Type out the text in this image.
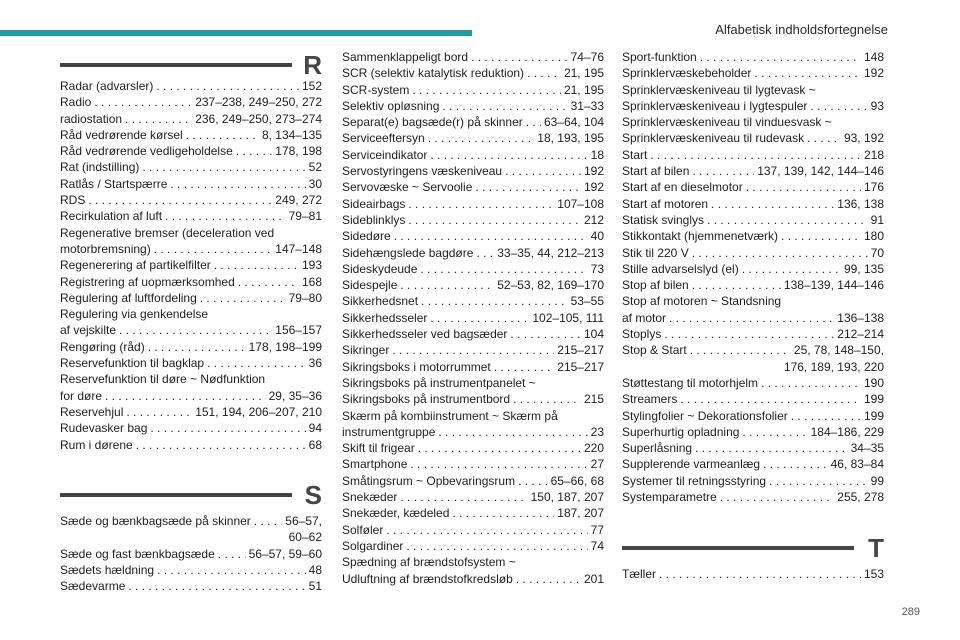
Alfabetisk indholdsfortegnelse
R
Radar (advarsler) . . .	152
Radio . . .	237–238, 249–250, 272
radiostation . . .	236, 249–250, 273–274
Råd vedrørende kørsel . . .	8, 134–135
Råd vedrørende vedligeholdelse . . .	178, 198
Rat (indstilling) . . .	52
Ratlås / Startspærre . . .	30
RDS . . .	249, 272
Recirkulation af luft . . .	79–81
Regenerative bremser (deceleration ved
motorbremsning) . . .	147–148
Regenerering af partikelfilter . . .	193
Registrering af uopmærksomhed . . .	168
Regulering af luftfordeling . . .	79–80
Regulering via genkendelse
af vejskilte . . .	156–157
Rengøring (råd) . . .	178, 198–199
Reservefunktion til bagklap . . .	36
Reservefunktion til døre ~ Nødfunktion
for døre . . .	29, 35–36
Reservehjul . . .	151, 194, 206–207, 210
Rudevasker bag . . .	94
Rum i dørene . . .	68
S
Sæde og bænkbagsæde på skinner . . .	56–57,
60–62
Sæde og fast bænkbagsæde . . .	56–57, 59–60
Sædets hældning . . .	48
Sædevarme . . .	51
Sammenklappeligt bord . . .	74–76
SCR (selektiv katalytisk reduktion) . . .	21, 195
SCR-system . . .	21, 195
Selektiv opløsning . . .	31–33
Separat(e) bagsæde(r) på skinner . . . 63–64, 104
Serviceeftersyn . . .	18, 193, 195
Serviceindikator . . .	18
Servostyringens væskeniveau . . .	192
Servovæske ~ Servoolie . . .	192
Sideairbags . . .	107–108
Sideblinklys . . .	212
Sidedøre . . .	40
Sidehængslede bagdøre . . . 33–35, 44, 212–213
Sideskydeude . . .	73
Sidespejle . . .	52–53, 82, 169–170
Sikkerhedsnet . . .	53–55
Sikkerhedsseler . . .	102–105, 111
Sikkerhedsseler ved bagsæder . . .	104
Sikringer . . .	215–217
Sikringsboks i motorrummet . . .	215–217
Sikringsboks på instrumentpanelet ~
Sikringsboks på instrumentbord . . .	215
Skærm på kombiinstrument ~ Skærm på
instrumentgruppe . . .	23
Skift til frigear . . .	220
Smartphone . . .	27
Småtingsrum ~ Opbevaringsrum . . .	65–66, 68
Snekæder . . .	150, 187, 207
Snekæder, kædeled . . .	187, 207
Solføler . . .	77
Solgardiner . . .	74
Spædning af brændstofsystem ~
Udluftning af brændstofkredsløb . . .	201
Sport-funktion . . .	148
Sprinklervæskebeholder . . .	192
Sprinklervæskeniveau til lygtevask ~
Sprinklervæskeniveau i lygtespuler . . .	93
Sprinklervæskeniveau til vinduesvask ~
Sprinklervæskeniveau til rudevask . . .	93, 192
Start . . .	218
Start af bilen . . .	137, 139, 142, 144–146
Start af en dieselmotor . . .	176
Start af motoren . . .	136, 138
Statisk svinglys . . .	91
Stikkontakt (hjemmenetværk) . . .	180
Stik til 220 V . . .	70
Stille advarselslyd (el) . . .	99, 135
Stop af bilen . . .	138–139, 144–146
Stop af motoren ~ Standsning
af motor . . .	136–138
Stoplys . . .	212–214
Stop & Start . . .	25, 78, 148–150,
176, 189, 193, 220
Støttestang til motorhjelm . . .	190
Streamers . . .	199
Stylingfolier ~ Dekorationsfolier . . .	199
Superhurtig opladning . . .	184–186, 229
Superlåsning . . .	34–35
Supplerende varmeanlæg . . .	46, 83–84
Systemer til retningsstyring . . .	99
Systemparametre . . .	255, 278
T
Tæller . . .	153
289
